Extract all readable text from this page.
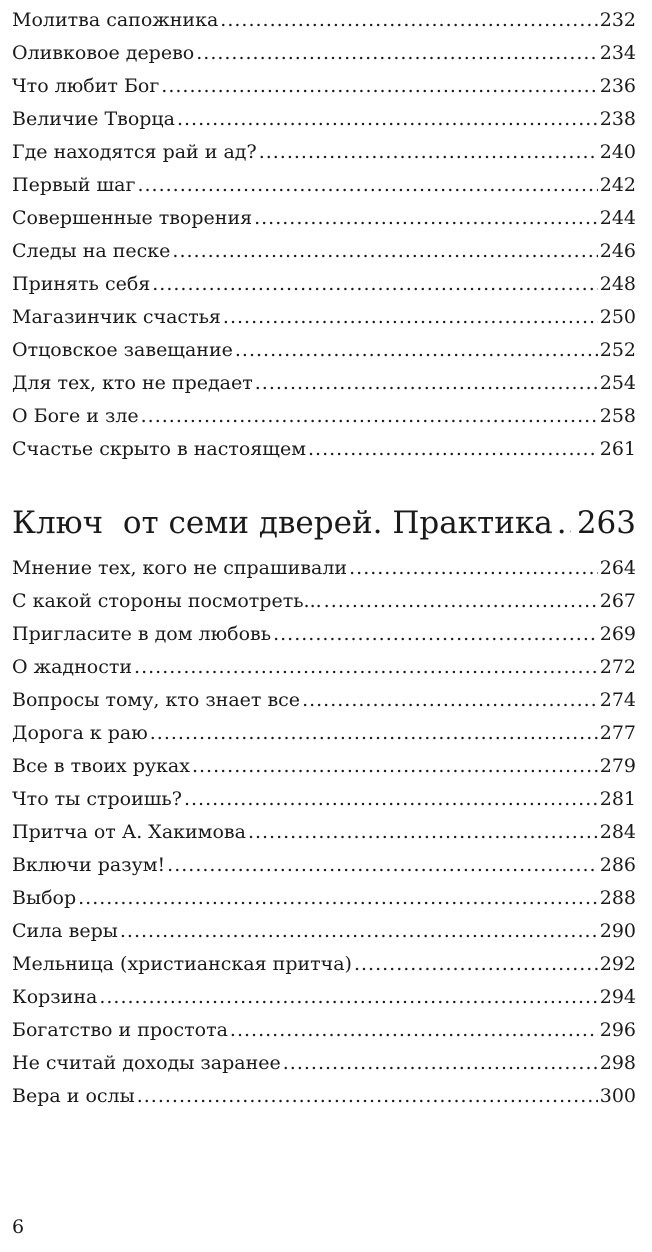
Молитва сапожника .....	232
Оливковое дерево .....	234
Что любит Бог .....	236
Величие Творца .....	238
Где находятся рай и ад? .....	240
Первый шаг .....	242
Совершенные творения .....	244
Следы на песке .....	246
Принять себя .....	248
Магазинчик счастья .....	250
Отцовское завещание .....	252
Для тех, кто не предает .....	254
О Боге и зле .....	258
Счастье скрыто в настоящем .....	261
Ключ  от семи дверей. Практика ..... 263
Мнение тех, кого не спрашивали .....	264
С какой стороны посмотреть... .....	267
Пригласите в дом любовь .....	269
О жадности .....	272
Вопросы тому, кто знает все .....	274
Дорога к раю .....	277
Все в твоих руках .....	279
Что ты строишь? .....	281
Притча от А. Хакимова .....	284
Включи разум! .....	286
Выбор .....	288
Сила веры .....	290
Мельница (христианская притча) .....	292
Корзина .....	294
Богатство и простота .....	296
Не считай доходы заранее .....	298
Вера и ослы .....	300
6
